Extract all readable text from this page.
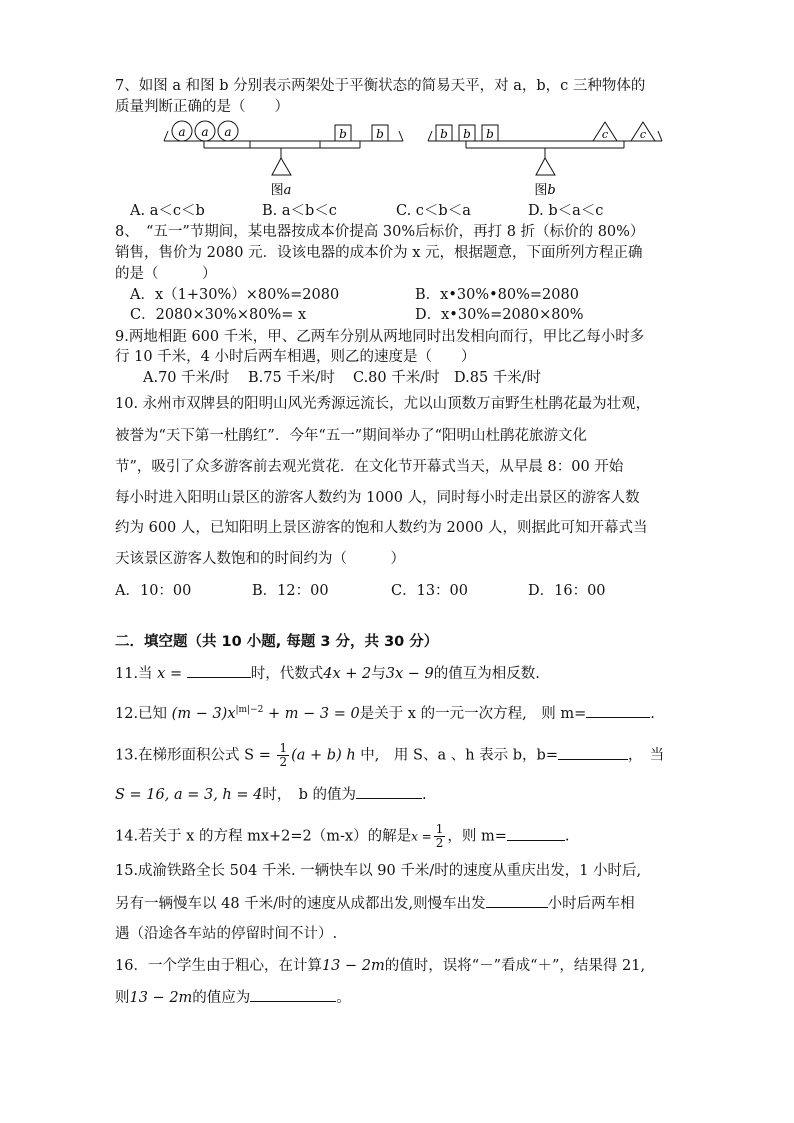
7、如图 a 和图 b 分别表示两架处于平衡状态的简易天平，对 a，b，c 三种物体的
质量判断正确的是（　　）
a a a	b b
图a
b b b	c	c
图b
A. a＜c＜b	B. a＜b＜c	C. c＜b＜a	D. b＜a＜c
8、　“五一”节期间，某电器按成本价提高 30%后标价，再打 8 折（标价的 80%）
销售，售价为 2080 元．设该电器的成本价为 x 元，根据题意，下面所列方程正确
的是（　　　）
A．x（1+30%）×80%=2080	B．x•30%•80%=2080
C．2080×30%×80%= x	D．x•30%=2080×80%
9.两地相距 600 千米，甲、乙两车分别从两地同时出发相向而行，甲比乙每小时多
行 10 千米，4 小时后两车相遇，则乙的速度是（　　）
A.70 千米/时 B.75 千米/时 C.80 千米/时 D.85 千米/时
10. 永州市双牌县的阳明山风光秀源远流长，尤以山顶数万亩野生杜鹃花最为壮观，
被誉为“天下第一杜鹃红”．今年“五一”期间举办了“阳明山杜鹃花旅游文化
节”，吸引了众多游客前去观光赏花．在文化节开幕式当天，从早晨 8：00 开始
每小时进入阳明山景区的游客人数约为 1000 人，同时每小时走出景区的游客人数
约为 600 人，已知阳明上景区游客的饱和人数约为 2000 人，则据此可知开幕式当
天该景区游客人数饱和的时间约为（　　　）
A．10：00	B．12：00	C．13：00	D．16：00
二．填空题（共 10 小题, 每题 3 分，共 30 分）
11.当 x =	时，代数式4x + 2与3x − 9的值互为相反数.
12.已知 $(m - 3)x^{|m|-2} + m - 3 = 0$是关于 x 的一元一次方程,　则 m=	.
13.在梯形面积公式 $S = \frac{1}{2} (a + b)$ h 中,　用 S、a 、h 表示 b，b=	，　当
S = 16, a = 3, h = 4时，　b 的值为	.
14.若关于 x 的方程 mx+2=2（m-x）的解是$x = \frac{1}{2}$ ，则 m=	.
15.成渝铁路全长 504 千米. 一辆快车以 90 千米/时的速度从重庆出发，1 小时后,
另有一辆慢车以 48 千米/时的速度从成都出发,则慢车出发	小时后两车相
遇（沿途各车站的停留时间不计）.
16．一个学生由于粗心，在计算13 − 2m的值时，误将“－”看成“＋”，结果得 21,
则13 − 2m的值应为	。
